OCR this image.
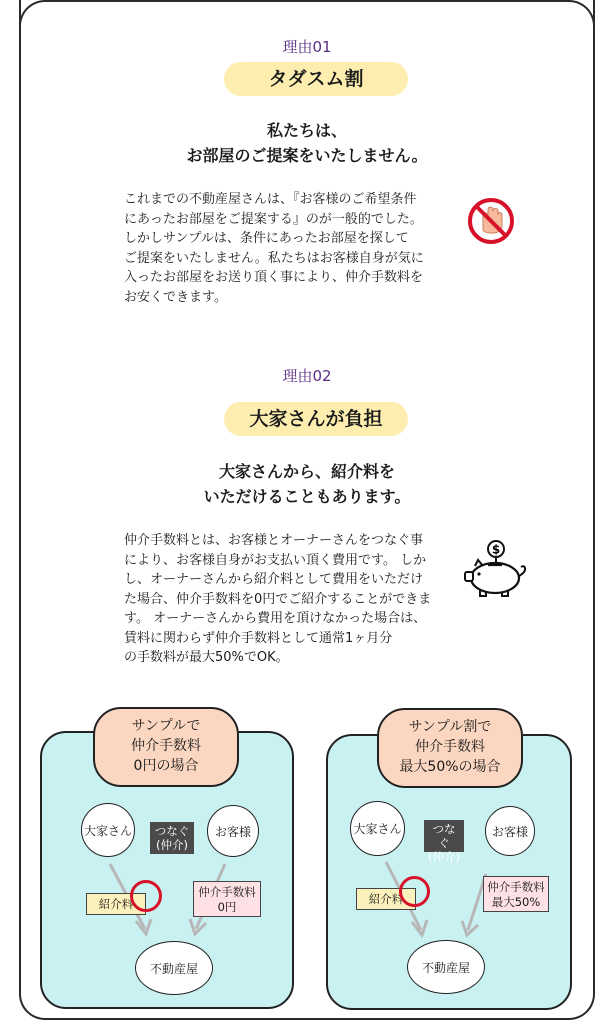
理由01
タダスム割
私たちは、
お部屋のご提案をいたしません。
これまでの不動産屋さんは、『お客様のご希望条件
にあったお部屋をご提案する』のが一般的でした。
しかしサンプルは、条件にあったお部屋を探して
ご提案をいたしません。私たちはお客様自身が気に
入ったお部屋をお送り頂く事により、仲介手数料を
お安くできます。
理由02
大家さんが負担
大家さんから、紹介料を
いただけることもあります。
仲介手数料とは、お客様とオーナーさんをつなぐ事
により、お客様自身がお支払い頂く費用です。 しか
し、オーナーさんから紹介料として費用をいただけ
た場合、仲介手数料を0円でご紹介することができま
す。 オーナーさんから費用を頂けなかった場合は、
賃料に関わらず仲介手数料として通常1ヶ月分
の手数料が最大50%でOK。
$
サンプルで
仲介手数料
0円の場合
大家さん	つなぐ
(仲介)
お客様
紹介料
仲介手数料
0円
不動産屋
サンプル割で
仲介手数料
最大50%の場合
大家さん	つなぐ
(仲介)
お客様
紹介料
仲介手数料
最大50%
不動産屋
